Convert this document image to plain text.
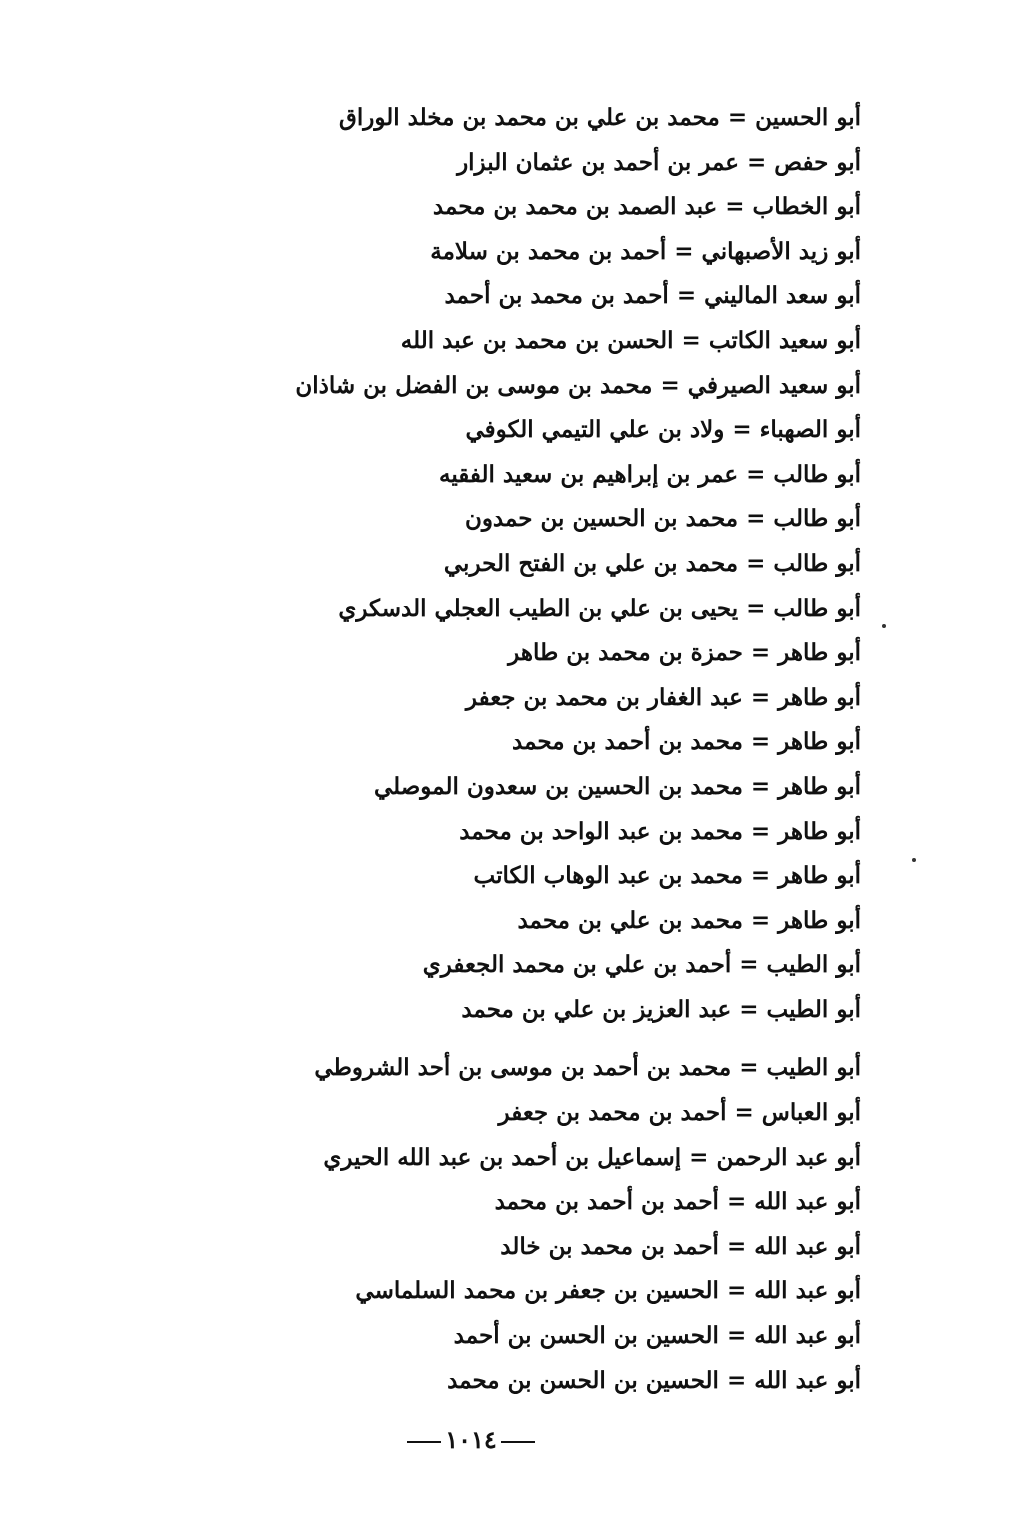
أبو الحسين = محمد بن علي بن محمد بن مخلد الوراق
أبو حفص = عمر بن أحمد بن عثمان البزار
أبو الخطاب = عبد الصمد بن محمد بن محمد
أبو زيد الأصبهاني = أحمد بن محمد بن سلامة
أبو سعد الماليني = أحمد بن محمد بن أحمد
أبو سعيد الكاتب = الحسن بن محمد بن عبد الله
أبو سعيد الصيرفي = محمد بن موسى بن الفضل بن شاذان
أبو الصهباء = ولاد بن علي التيمي الكوفي
أبو طالب = عمر بن إبراهيم بن سعيد الفقيه
أبو طالب = محمد بن الحسين بن حمدون
أبو طالب = محمد بن علي بن الفتح الحربي
أبو طالب = يحيى بن علي بن الطيب العجلي الدسكري
أبو طاهر = حمزة بن محمد بن طاهر
أبو طاهر = عبد الغفار بن محمد بن جعفر
أبو طاهر = محمد بن أحمد بن محمد
أبو طاهر = محمد بن الحسين بن سعدون الموصلي
أبو طاهر = محمد بن عبد الواحد بن محمد
أبو طاهر = محمد بن عبد الوهاب الكاتب
أبو طاهر = محمد بن علي بن محمد
أبو الطيب = أحمد بن علي بن محمد الجعفري
أبو الطيب = عبد العزيز بن علي بن محمد
أبو الطيب = محمد بن أحمد بن موسى بن أحد الشروطي
أبو العباس = أحمد بن محمد بن جعفر
أبو عبد الرحمن = إسماعيل بن أحمد بن عبد الله الحيري
أبو عبد الله = أحمد بن أحمد بن محمد
أبو عبد الله = أحمد بن محمد بن خالد
أبو عبد الله = الحسين بن جعفر بن محمد السلماسي
أبو عبد الله = الحسين بن الحسن بن أحمد
أبو عبد الله = الحسين بن الحسن بن محمد
١٠١٤
